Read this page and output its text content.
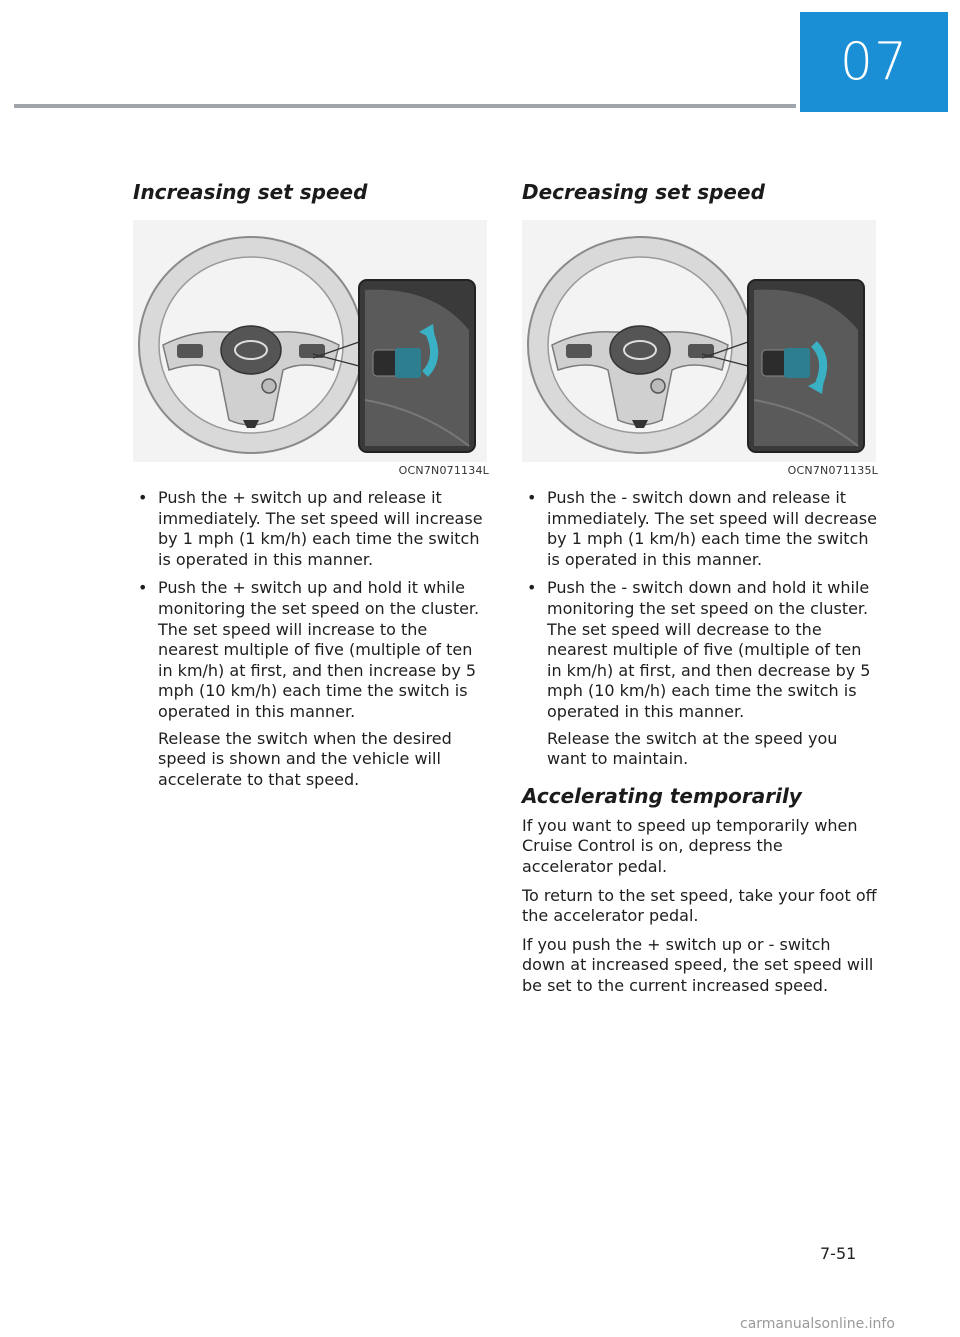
07
Increasing set speed
OCN7N071134L
• Push the + switch up and release it immediately. The set speed will increase by 1 mph (1 km/h) each time the switch is operated in this manner.

• Push the + switch up and hold it while monitoring the set speed on the cluster. The set speed will increase to the nearest multiple of five (multiple of ten in km/h) at first, and then increase by 5 mph (10 km/h) each time the switch is operated in this manner.

Release the switch when the desired speed is shown and the vehicle will accelerate to that speed.

Decreasing set speed
OCN7N071135L
• Push the - switch down and release it immediately. The set speed will decrease by 1 mph (1 km/h) each time the switch is operated in this manner.

• Push the - switch down and hold it while monitoring the set speed on the cluster. The set speed will decrease to the nearest multiple of five (multiple of ten in km/h) at first, and then decrease by 5 mph (10 km/h) each time the switch is operated in this manner.

Release the switch at the speed you want to maintain.

Accelerating temporarily

If you want to speed up temporarily when Cruise Control is on, depress the accelerator pedal.

To return to the set speed, take your foot off the accelerator pedal.

If you push the + switch up or - switch down at increased speed, the set speed will be set to the current increased speed.

7-51
carmanualsonline.info
